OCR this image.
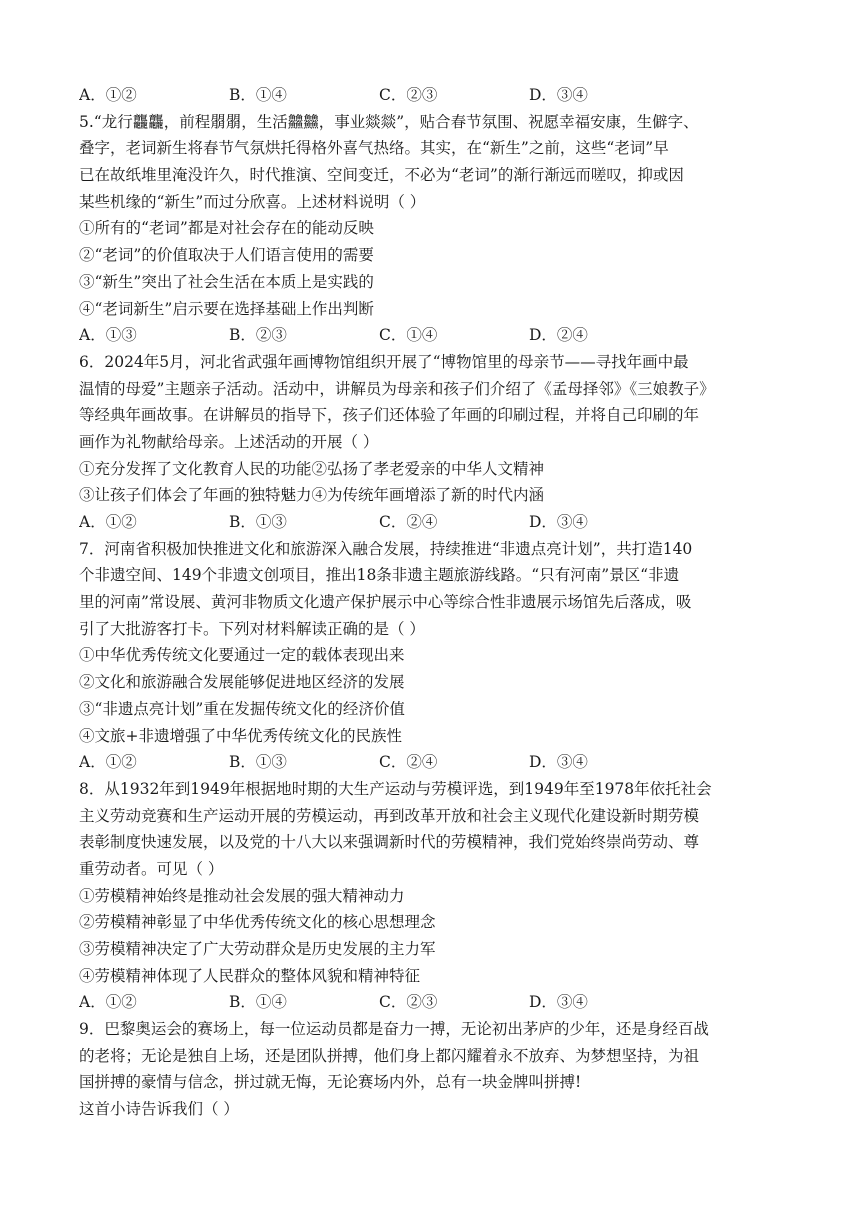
A．①②	B．①④	C．②③	D．③④
5.“龙行龘龘，前程朤朤，生活䲜䲜，事业燚燚”，贴合春节氛围、祝愿幸福安康，生僻字、
叠字，老词新生将春节气氛烘托得格外喜气热络。其实，在“新生”之前，这些“老词”早
已在故纸堆里淹没许久，时代推演、空间变迁，不必为“老词”的渐行渐远而嗟叹，抑或因
某些机缘的“新生”而过分欣喜。上述材料说明（ ）
①所有的“老词”都是对社会存在的能动反映
②“老词”的价值取决于人们语言使用的需要
③“新生”突出了社会生活在本质上是实践的
④“老词新生”启示要在选择基础上作出判断
A．①③	B．②③	C．①④	D．②④
6．2024年5月，河北省武强年画博物馆组织开展了“博物馆里的母亲节——寻找年画中最
温情的母爱”主题亲子活动。活动中，讲解员为母亲和孩子们介绍了《孟母择邻》《三娘教子》
等经典年画故事。在讲解员的指导下，孩子们还体验了年画的印刷过程，并将自己印刷的年
画作为礼物献给母亲。上述活动的开展（ ）
①充分发挥了文化教育人民的功能②弘扬了孝老爱亲的中华人文精神
③让孩子们体会了年画的独特魅力④为传统年画增添了新的时代内涵
A．①②	B．①③	C．②④	D．③④
7．河南省积极加快推进文化和旅游深入融合发展，持续推进“非遗点亮计划”，共打造140
个非遗空间、149个非遗文创项目，推出18条非遗主题旅游线路。“只有河南”景区“非遗
里的河南”常设展、黄河非物质文化遗产保护展示中心等综合性非遗展示场馆先后落成，吸
引了大批游客打卡。下列对材料解读正确的是（ ）
①中华优秀传统文化要通过一定的载体表现出来
②文化和旅游融合发展能够促进地区经济的发展
③“非遗点亮计划”重在发掘传统文化的经济价值
④文旅+非遗增强了中华优秀传统文化的民族性
A．①②	B．①③	C．②④	D．③④
8．从1932年到1949年根据地时期的大生产运动与劳模评选，到1949年至1978年依托社会
主义劳动竞赛和生产运动开展的劳模运动，再到改革开放和社会主义现代化建设新时期劳模
表彰制度快速发展，以及党的十八大以来强调新时代的劳模精神，我们党始终崇尚劳动、尊
重劳动者。可见（ ）
①劳模精神始终是推动社会发展的强大精神动力
②劳模精神彰显了中华优秀传统文化的核心思想理念
③劳模精神决定了广大劳动群众是历史发展的主力军
④劳模精神体现了人民群众的整体风貌和精神特征
A．①②	B．①④	C．②③	D．③④
9．巴黎奥运会的赛场上，每一位运动员都是奋力一搏，无论初出茅庐的少年，还是身经百战
的老将；无论是独自上场，还是团队拼搏，他们身上都闪耀着永不放弃、为梦想坚持，为祖
国拼搏的豪情与信念，拼过就无悔，无论赛场内外，总有一块金牌叫拼搏!
这首小诗告诉我们（ ）
